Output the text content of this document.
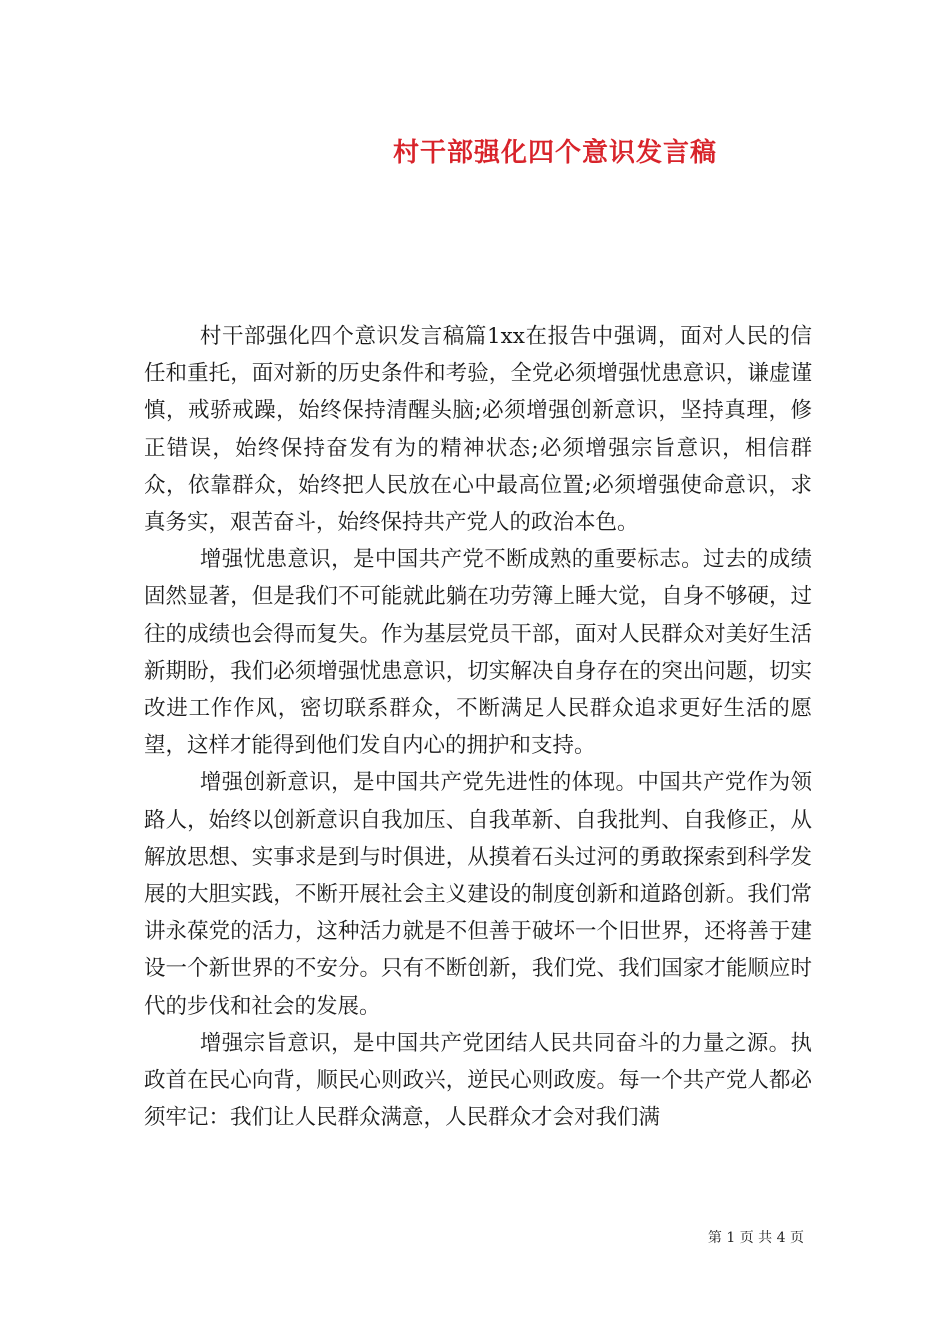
村干部强化四个意识发言稿

村干部强化四个意识发言稿篇1xx在报告中强调，面对人民的信任和重托，面对新的历史条件和考验，全党必须增强忧患意识，谦虚谨慎，戒骄戒躁，始终保持清醒头脑;必须增强创新意识，坚持真理，修正错误，始终保持奋发有为的精神状态;必须增强宗旨意识，相信群众，依靠群众，始终把人民放在心中最高位置;必须增强使命意识，求真务实，艰苦奋斗，始终保持共产党人的政治本色。

增强忧患意识，是中国共产党不断成熟的重要标志。过去的成绩固然显著，但是我们不可能就此躺在功劳簿上睡大觉，自身不够硬，过往的成绩也会得而复失。作为基层党员干部，面对人民群众对美好生活新期盼，我们必须增强忧患意识，切实解决自身存在的突出问题，切实改进工作作风，密切联系群众，不断满足人民群众追求更好生活的愿望，这样才能得到他们发自内心的拥护和支持。

增强创新意识，是中国共产党先进性的体现。中国共产党作为领路人，始终以创新意识自我加压、自我革新、自我批判、自我修正，从解放思想、实事求是到与时俱进，从摸着石头过河的勇敢探索到科学发展的大胆实践，不断开展社会主义建设的制度创新和道路创新。我们常讲永葆党的活力，这种活力就是不但善于破坏一个旧世界，还将善于建设一个新世界的不安分。只有不断创新，我们党、我们国家才能顺应时代的步伐和社会的发展。

增强宗旨意识，是中国共产党团结人民共同奋斗的力量之源。执政首在民心向背，顺民心则政兴，逆民心则政废。每一个共产党人都必须牢记：我们让人民群众满意，人民群众才会对我们满

第 1 页 共 4 页
